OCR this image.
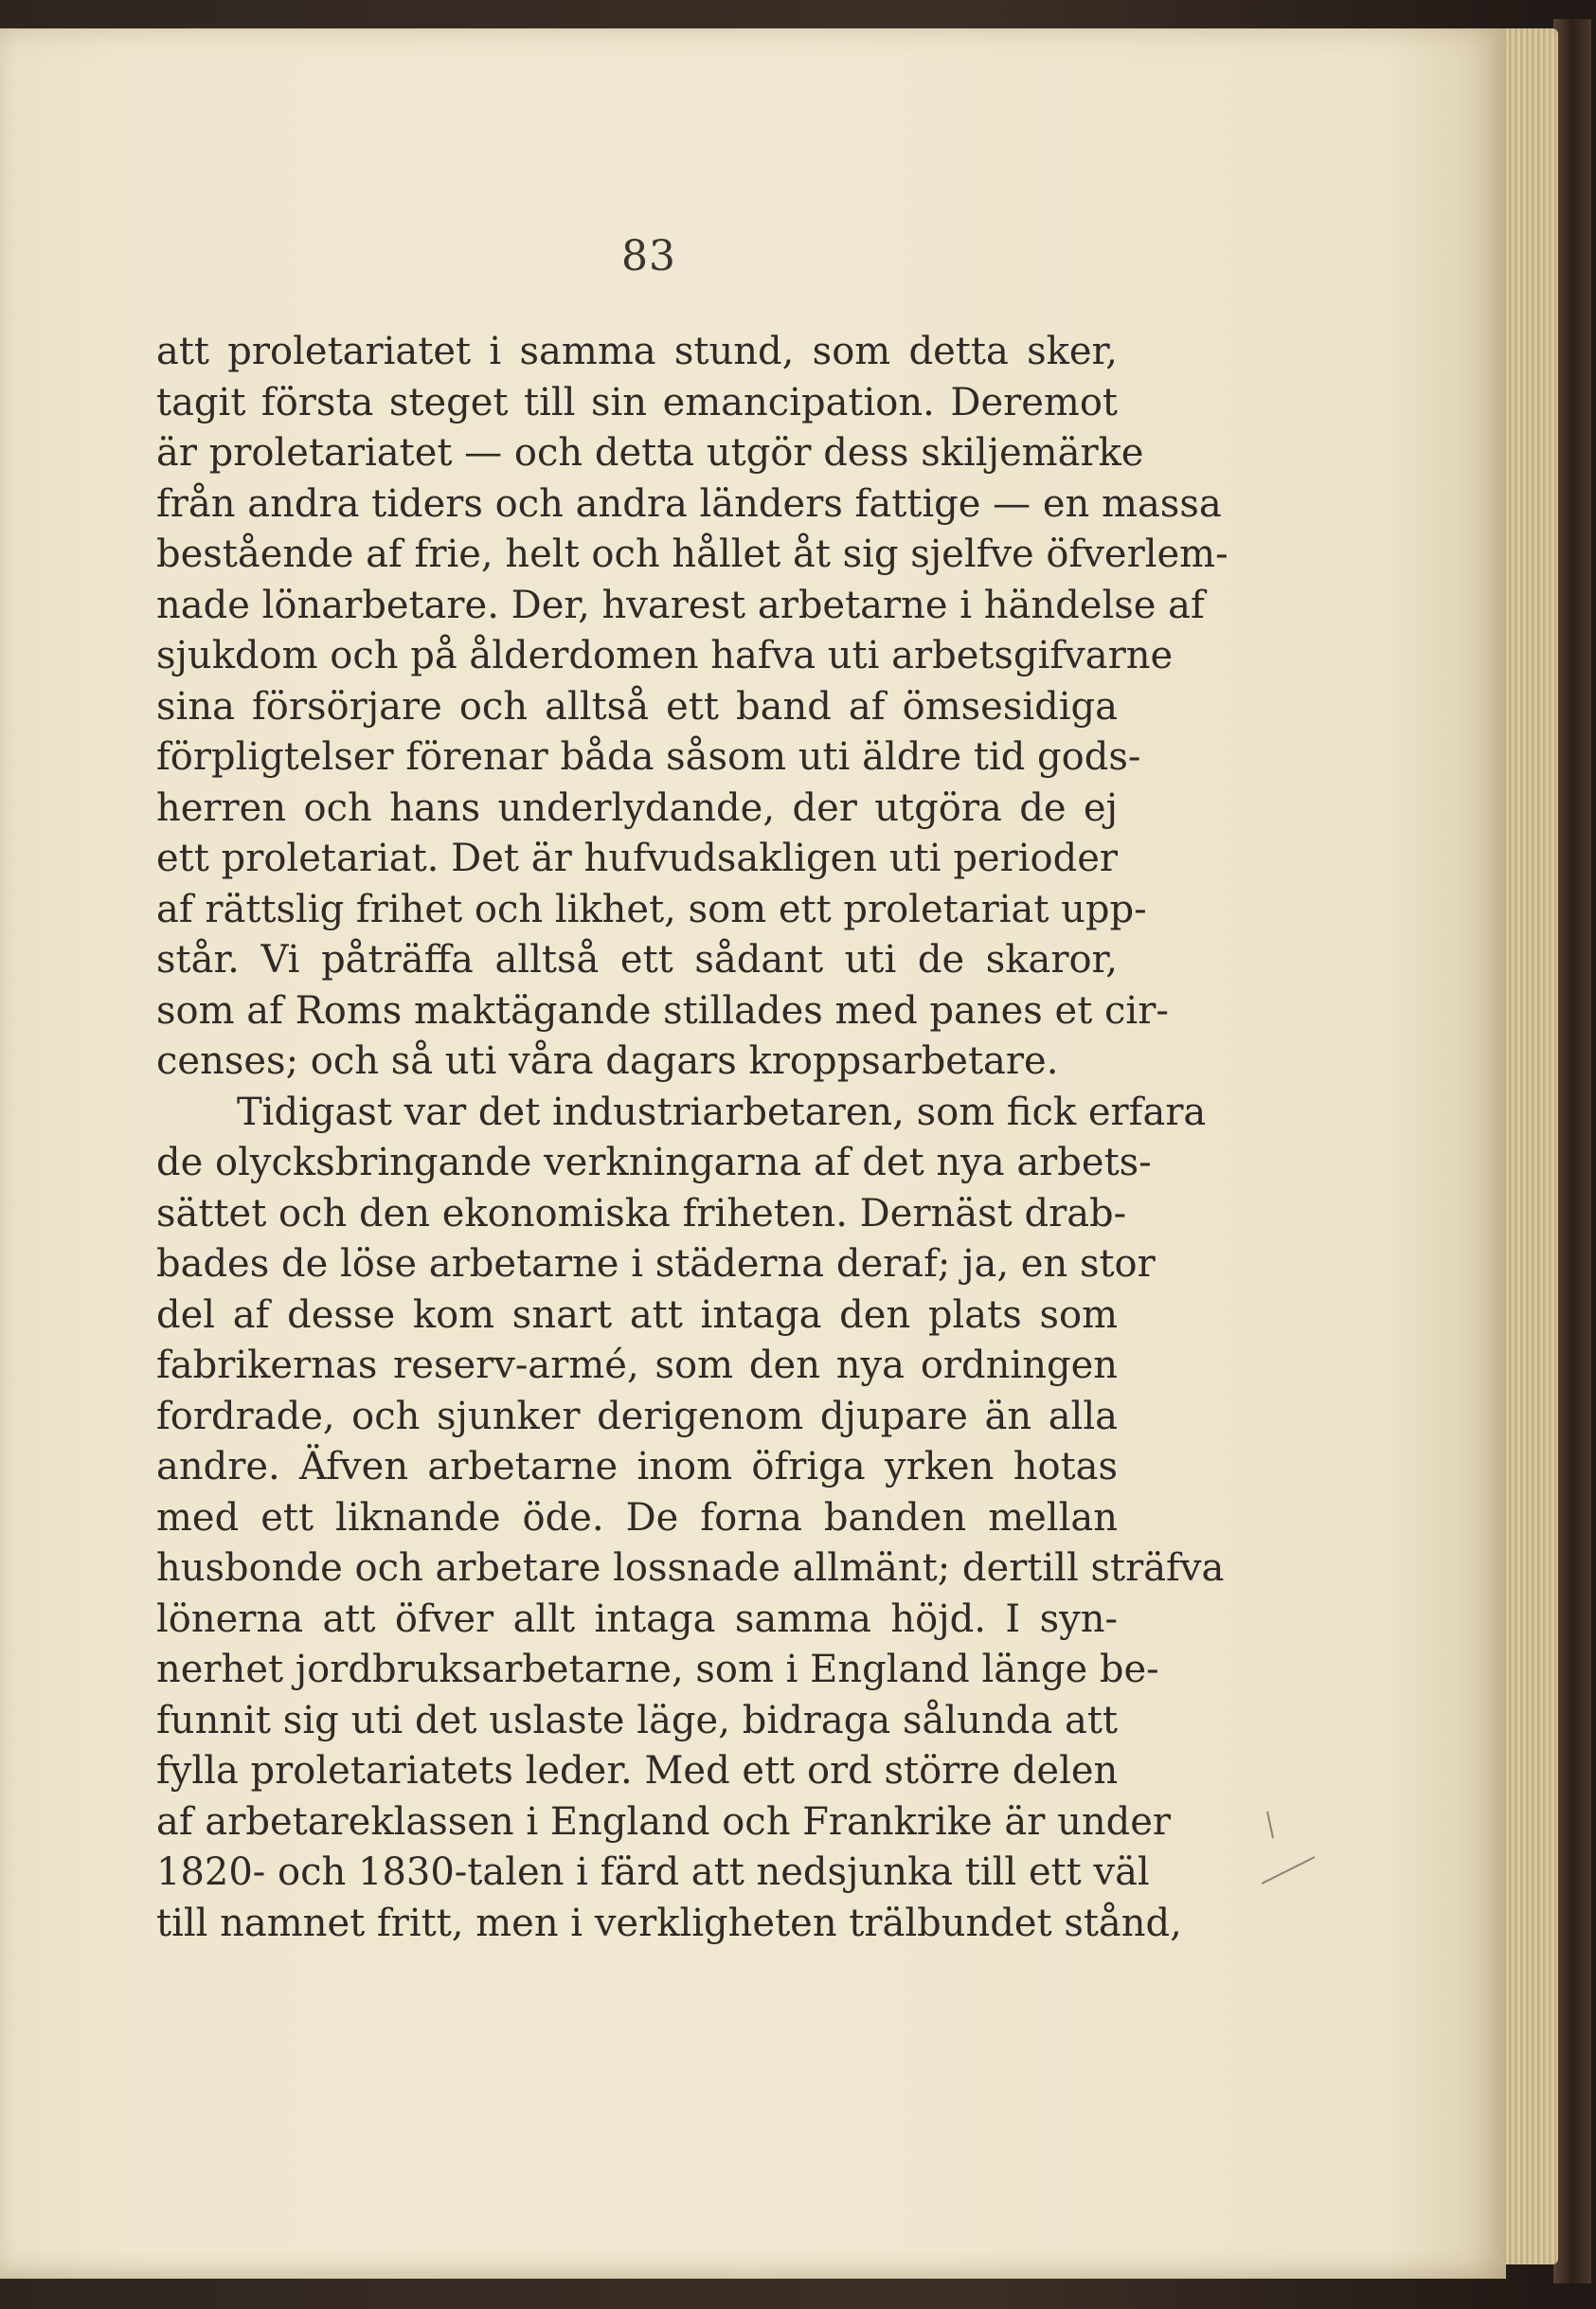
83
att proletariatet i samma stund, som detta sker,
tagit första steget till sin emancipation. Deremot
är proletariatet — och detta utgör dess skiljemärke
från andra tiders och andra länders fattige — en massa
bestående af frie, helt och hållet åt sig sjelfve öfverlem-
nade lönarbetare. Der, hvarest arbetarne i händelse af
sjukdom och på ålderdomen hafva uti arbetsgifvarne
sina försörjare och alltså ett band af ömsesidiga
förpligtelser förenar båda såsom uti äldre tid gods-
herren och hans underlydande, der utgöra de ej
ett proletariat. Det är hufvudsakligen uti perioder
af rättslig frihet och likhet, som ett proletariat upp-
står. Vi påträffa alltså ett sådant uti de skaror,
som af Roms maktägande stillades med panes et cir-
censes; och så uti våra dagars kroppsarbetare.
Tidigast var det industriarbetaren, som fick erfara
de olycksbringande verkningarna af det nya arbets-
sättet och den ekonomiska friheten. Dernäst drab-
bades de löse arbetarne i städerna deraf; ja, en stor
del af desse kom snart att intaga den plats som
fabrikernas reserv-armé, som den nya ordningen
fordrade, och sjunker derigenom djupare än alla
andre. Äfven arbetarne inom öfriga yrken hotas
med ett liknande öde. De forna banden mellan
husbonde och arbetare lossnade allmänt; dertill sträfva
lönerna att öfver allt intaga samma höjd. I syn-
nerhet jordbruksarbetarne, som i England länge be-
funnit sig uti det uslaste läge, bidraga sålunda att
fylla proletariatets leder. Med ett ord större delen
af arbetareklassen i England och Frankrike är under
1820- och 1830-talen i färd att nedsjunka till ett väl
till namnet fritt, men i verkligheten trälbundet stånd,
